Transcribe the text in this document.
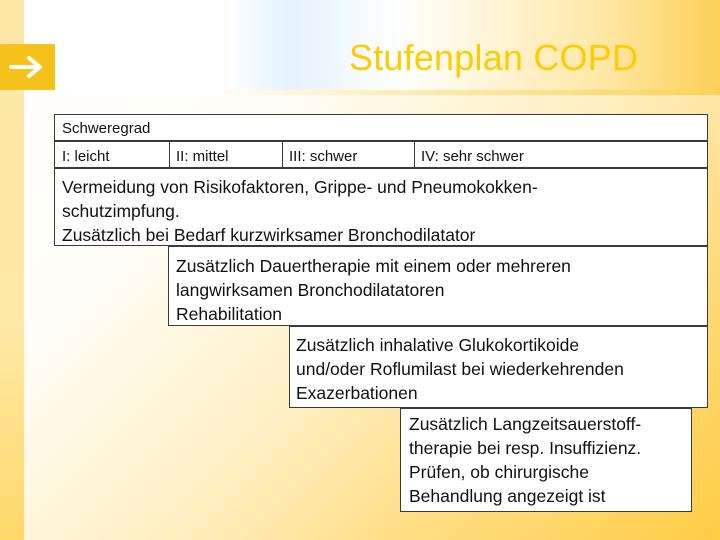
Stufenplan COPD
Schweregrad
I: leicht	II: mittel	III: schwer	IV: sehr schwer
Vermeidung von Risikofaktoren, Grippe- und Pneumokokken-
schutzimpfung.
Zusätzlich bei Bedarf kurzwirksamer Bronchodilatator
Zusätzlich Dauertherapie mit einem oder mehreren
langwirksamen Bronchodilatatoren
Rehabilitation
Zusätzlich inhalative Glukokortikoide
und/oder Roflumilast bei wiederkehrenden
Exazerbationen
Zusätzlich Langzeitsauerstoff-
therapie bei resp. Insuffizienz.
Prüfen, ob chirurgische
Behandlung angezeigt ist
